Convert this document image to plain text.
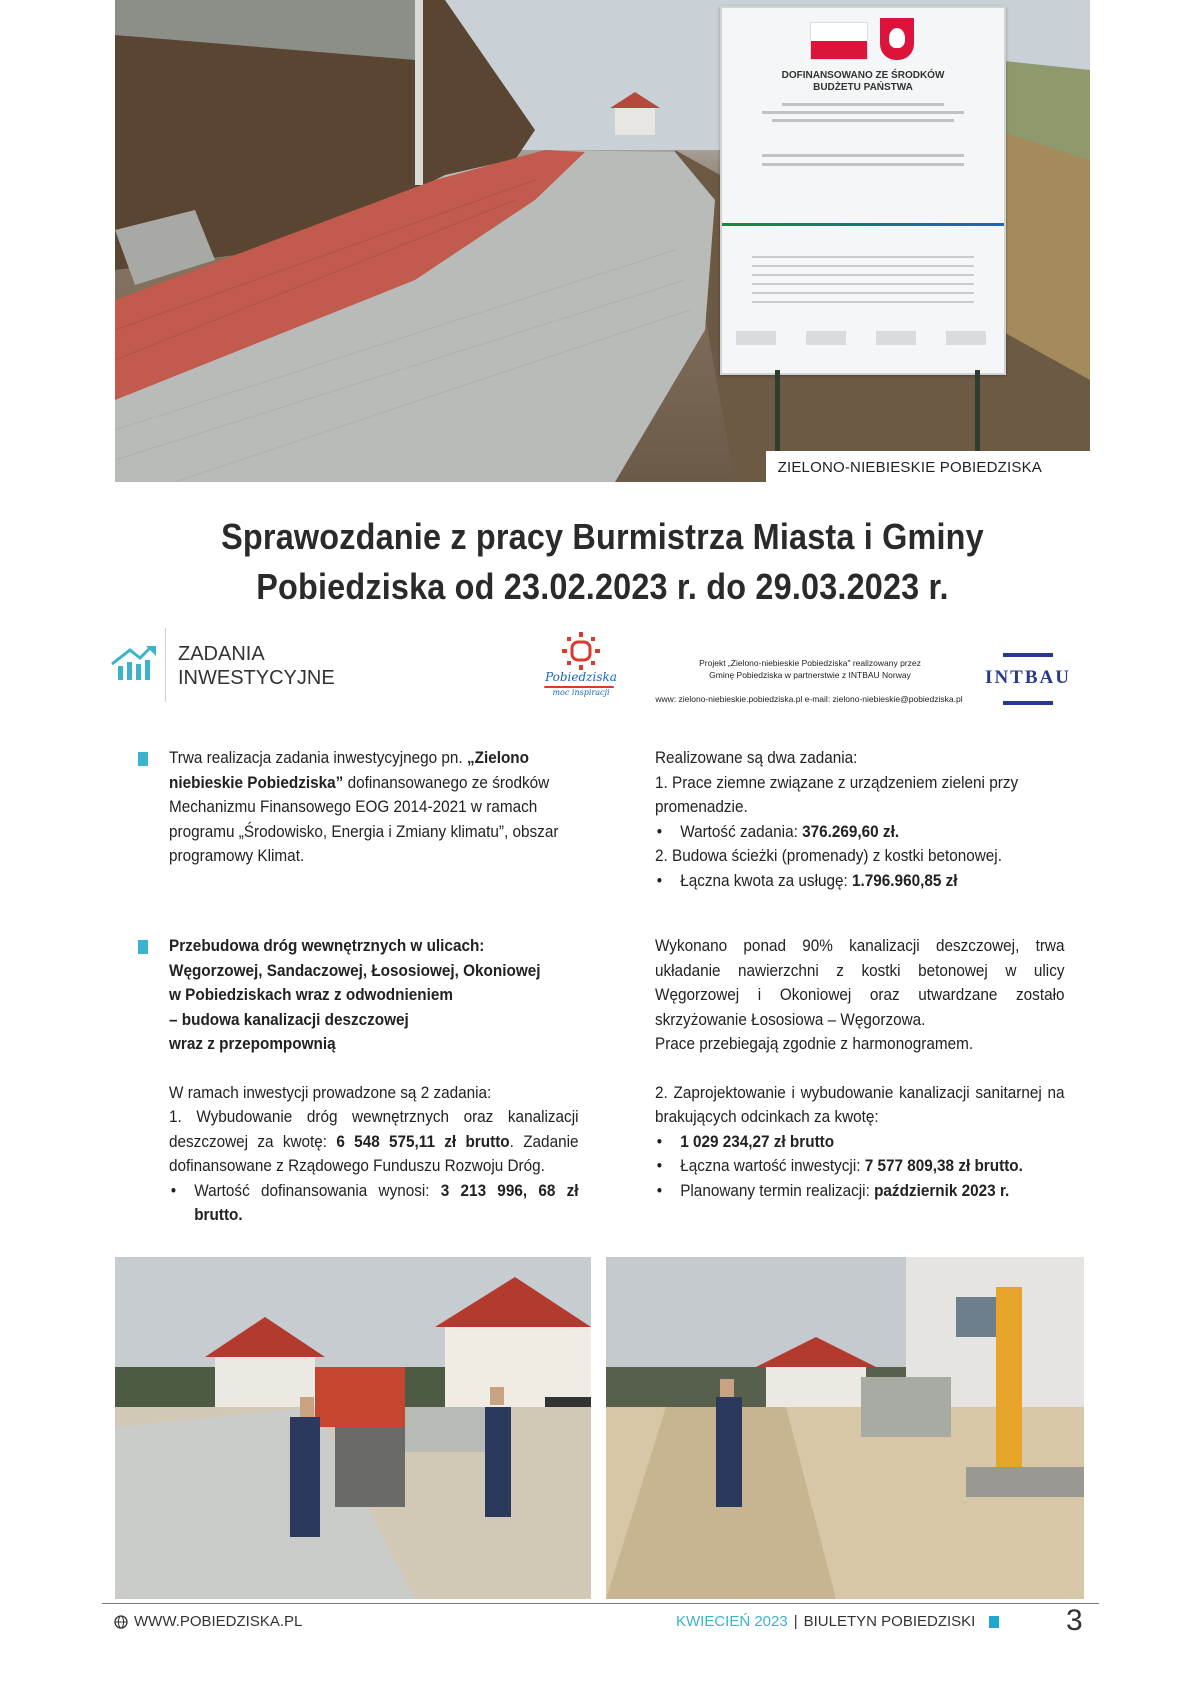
DOFINANSOWANO ZE ŚRODKÓW
BUDŻETU PAŃSTWA
ZIELONO-NIEBIESKIE POBIEDZISKA
Sprawozdanie z pracy Burmistrza Miasta i Gminy
Pobiedziska od 23.02.2023 r. do 29.03.2023 r.
ZADANIA
INWESTYCYJNE	Pobiedziska
moc inspiracji
Projekt „Zielono-niebieskie Pobiedziska" realizowany przez
Gminę Pobiedziska w partnerstwie z INTBAU Norway
www: zielono-niebieskie.pobiedziska.pl e-mail: zielono-niebieskie@pobiedziska.pl
INTBAU

Trwa realizacja zadania inwestycyjnego pn. „Zielono niebieskie Pobiedziska” dofinansowanego ze środków Mechanizmu Finansowego EOG 2014-2021 w ramach programu „Środowisko, Energia i Zmiany klimatu”, obszar programowy Klimat.

Realizowane są dwa zadania:

1. Prace ziemne związane z urządzeniem zieleni przy promenadzie.

• Wartość zadania: 376.269,60 zł.

2. Budowa ścieżki (promenady) z kostki betonowej.

• Łączna kwota za usługę: 1.796.960,85 zł

Przebudowa dróg wewnętrznych w ulicach:

Węgorzowej, Sandaczowej, Łososiowej, Okoniowej

w Pobiedziskach wraz z odwodnieniem

– budowa kanalizacji deszczowej

wraz z przepompownią

W ramach inwestycji prowadzone są 2 zadania:

1. Wybudowanie dróg wewnętrznych oraz kanalizacji deszczowej za kwotę: 6 548 575,11 zł brutto. Zadanie dofinansowane z Rządowego Funduszu Rozwoju Dróg.

• Wartość dofinansowania wynosi: 3 213 996, 68 zł brutto.

Wykonano ponad 90% kanalizacji deszczowej, trwa układanie nawierzchni z kostki betonowej w ulicy Węgorzowej i Okoniowej oraz utwardzane zostało skrzyżowanie Łososiowa – Węgorzowa.

Prace przebiegają zgodnie z harmonogramem.

2. Zaprojektowanie i wybudowanie kanalizacji sanitarnej na brakujących odcinkach za kwotę:

• 1 029 234,27 zł brutto

• Łączna wartość inwestycji: 7 577 809,38 zł brutto.

• Planowany termin realizacji: październik 2023 r.

WWW.POBIEDZISKA.PL	KWIECIEŃ 2023 | BIULETYN POBIEDZISKI	3
